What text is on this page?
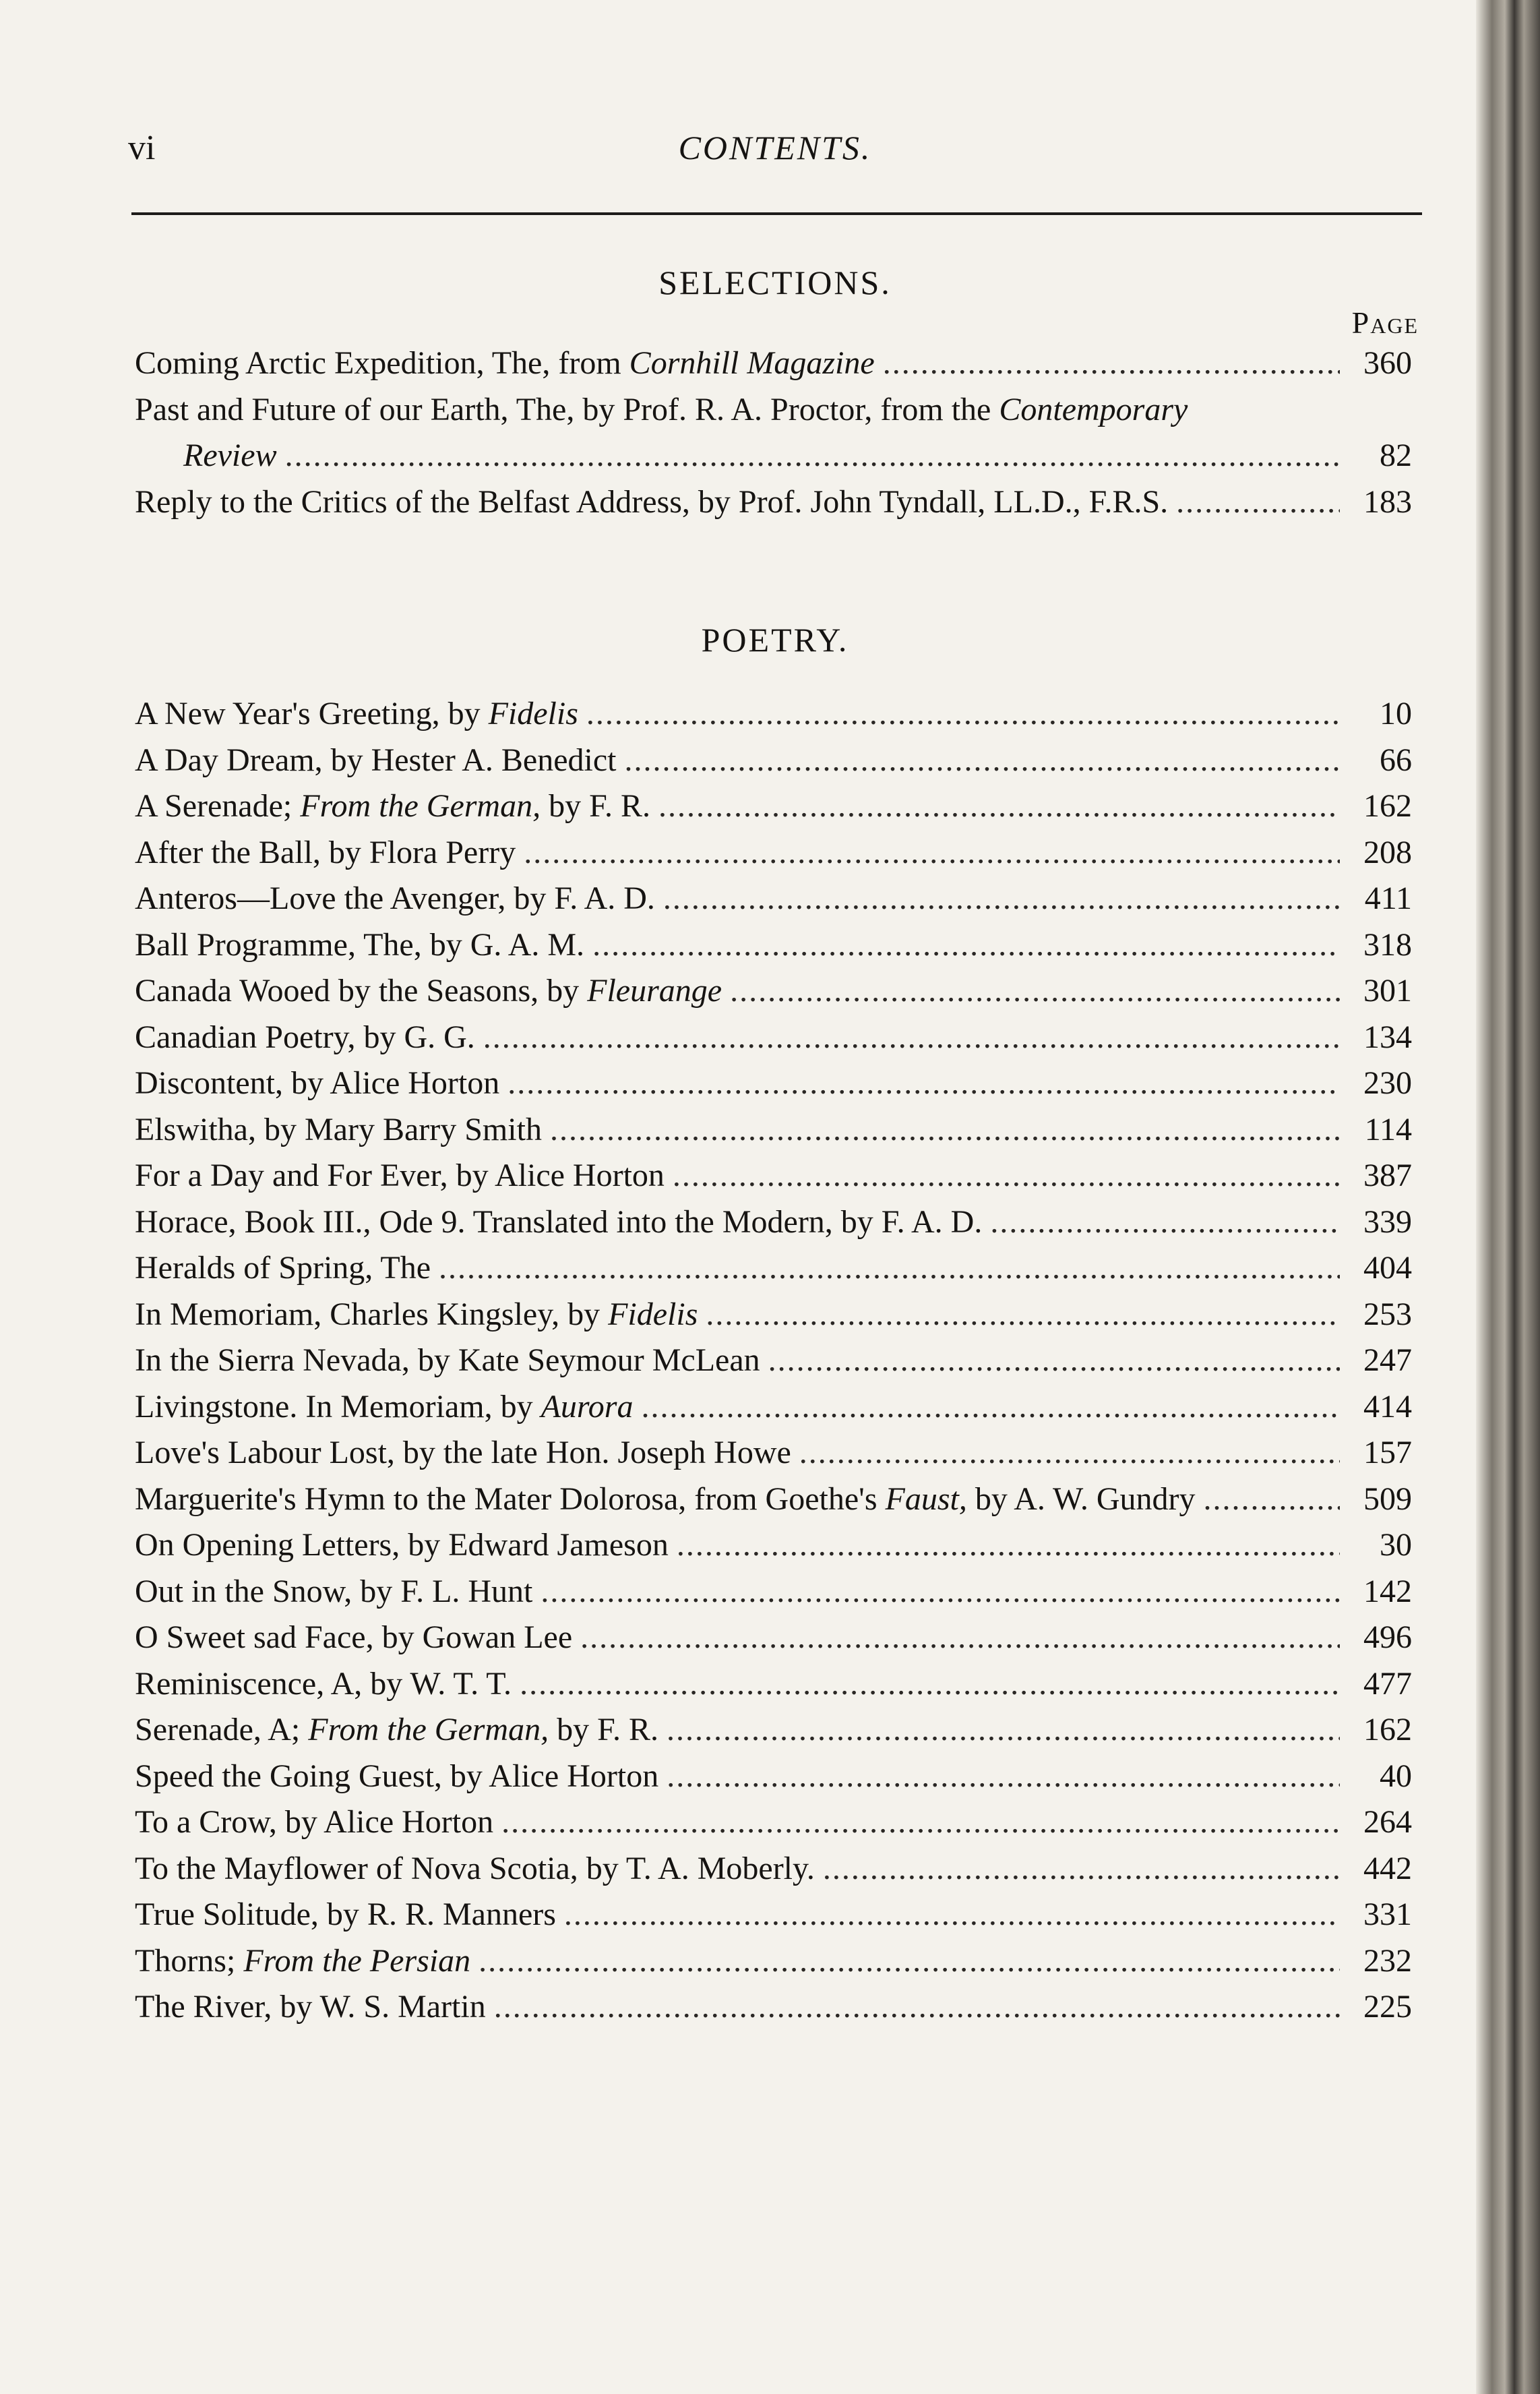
vi	CONTENTS.
SELECTIONS.
Page
Coming Arctic Expedition, The, from Cornhill Magazine .....	360
Past and Future of our Earth, The, by Prof. R. A. Proctor, from the Contemporary
Review .....	82
Reply to the Critics of the Belfast Address, by Prof. John Tyndall, LL.D., F.R.S. .....	183
POETRY.
A New Year's Greeting, by Fidelis .....	10
A Day Dream, by Hester A. Benedict .....	66
A Serenade; From the German, by F. R. .....	162
After the Ball, by Flora Perry .....	208
Anteros—Love the Avenger, by F. A. D. .....	411
Ball Programme, The, by G. A. M. .....	318
Canada Wooed by the Seasons, by Fleurange .....	301
Canadian Poetry, by G. G. .....	134
Discontent, by Alice Horton .....	230
Elswitha, by Mary Barry Smith .....	114
For a Day and For Ever, by Alice Horton .....	387
Horace, Book III., Ode 9. Translated into the Modern, by F. A. D. .....	339
Heralds of Spring, The .....	404
In Memoriam, Charles Kingsley, by Fidelis .....	253
In the Sierra Nevada, by Kate Seymour McLean .....	247
Livingstone. In Memoriam, by Aurora .....	414
Love's Labour Lost, by the late Hon. Joseph Howe .....	157
Marguerite's Hymn to the Mater Dolorosa, from Goethe's Faust, by A. W. Gundry .....	509
On Opening Letters, by Edward Jameson .....	30
Out in the Snow, by F. L. Hunt .....	142
O Sweet sad Face, by Gowan Lee .....	496
Reminiscence, A, by W. T. T. .....	477
Serenade, A; From the German, by F. R. .....	162
Speed the Going Guest, by Alice Horton .....	40
To a Crow, by Alice Horton .....	264
To the Mayflower of Nova Scotia, by T. A. Moberly. .....	442
True Solitude, by R. R. Manners .....	331
Thorns; From the Persian .....	232
The River, by W. S. Martin .....	225
